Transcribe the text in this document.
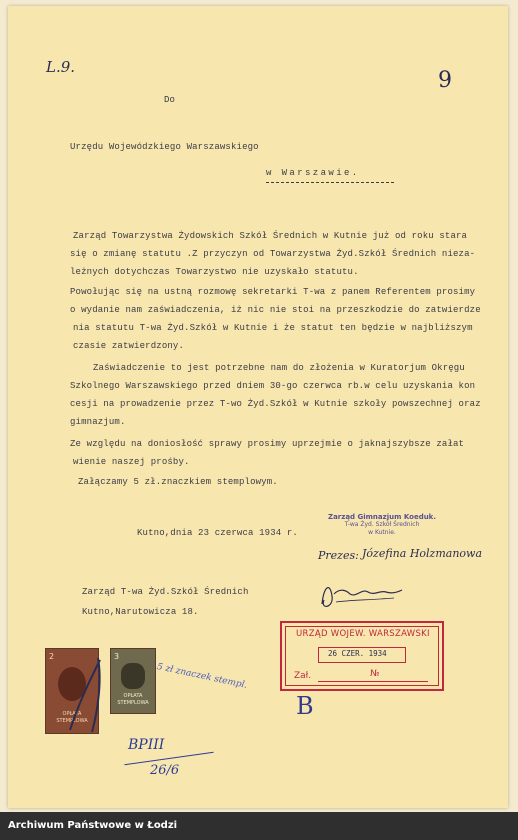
L.9.
9
Do
Urzędu Wojewódzkiego Warszawskiego
w Warszawie.
Zarząd Towarzystwa Żydowskich Szkół Średnich w Kutnie już od roku stara
się o zmianę statutu .Z przyczyn od Towarzystwa Żyd.Szkół Średnich nieza-
leżnych dotychczas Towarzystwo nie uzyskało statutu.
Powołując się na ustną rozmowę sekretarki T-wa z panem Referentem prosimy
o wydanie nam zaświadczenia, iż nic nie stoi na przeszkodzie do zatwierdze
nia statutu T-wa Żyd.Szkół w Kutnie i że statut ten będzie w najbliższym
czasie zatwierdzony.
Zaświadczenie to jest potrzebne nam do złożenia w Kuratorjum Okręgu
Szkolnego Warszawskiego przed dniem 30-go czerwca rb.w celu uzyskania kon
cesji na prowadzenie przez T-wo Żyd.Szkół w Kutnie szkoły powszechnej oraz
gimnazjum.
Ze względu na doniosłość sprawy prosimy uprzejmie o jaknajszybsze załat
wienie naszej prośby.
Załączamy 5 zł.znaczkiem stemplowym.
Kutno,dnia 23 czerwca 1934 r.
Zarząd Gimnazjum Koeduk.
T-wa Żyd. Szkół Średnich
w Kutnie.
Prezes: Józefina Holzmanowa
Zarząd T-wa Żyd.Szkół Średnich
Kutno,Narutowicza 18.
2
OPŁATA
STEMPLOWA
3
OPŁATA
STEMPLOWA
5 zł znaczek stempl.
B
BPIII
26/6
URZĄD WOJEW. WARSZAWSKI
26 CZER. 1934
Zał.	№
Archiwum Państwowe w Łodzi
